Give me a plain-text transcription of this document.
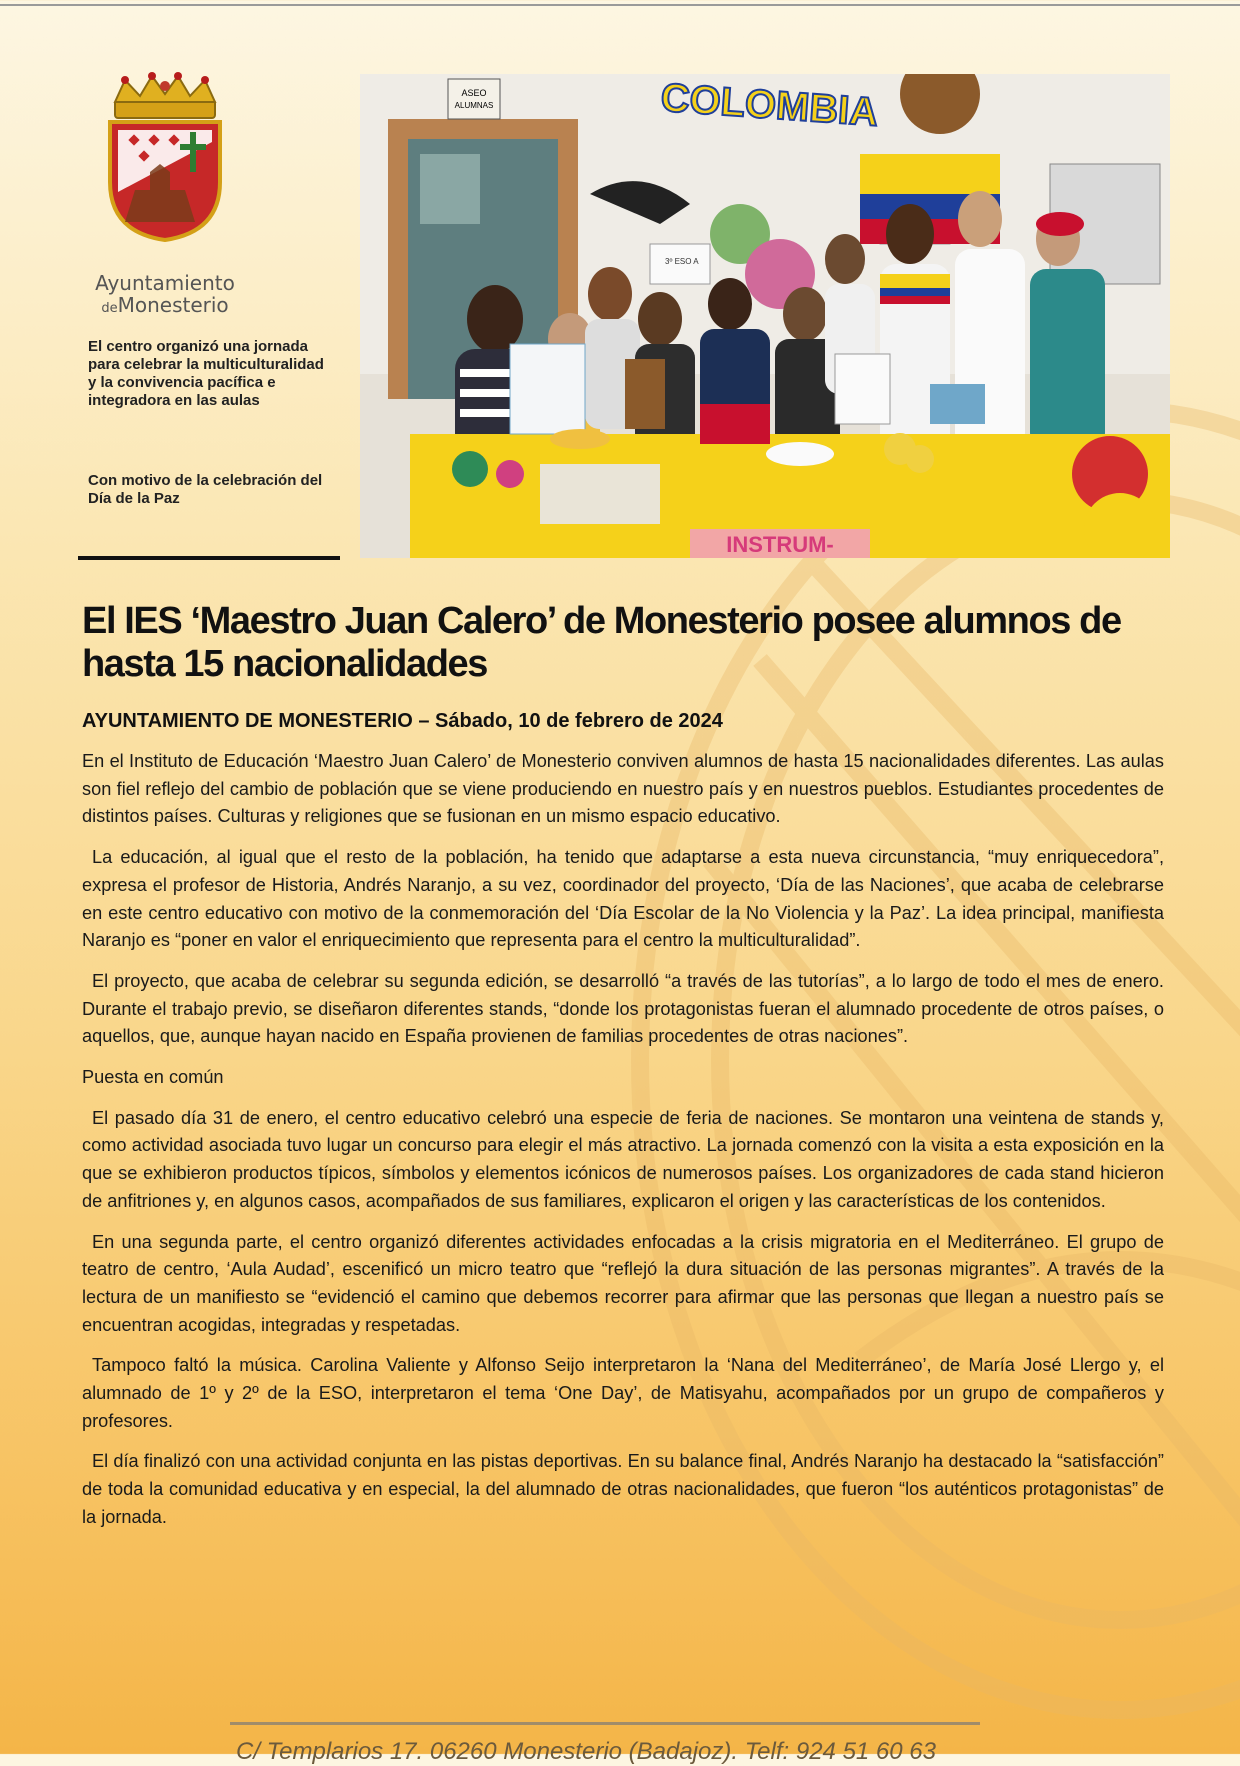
Ayuntamiento
deMonesterio
El centro organizó una jornada para celebrar la multiculturalidad y la convivencia pacífica e integradora en las aulas
Con motivo de la celebración del Día de la Paz
ASEO
ALUMNAS	COLOMBIA
INSTRUM-
3º ESO A
El IES ‘Maestro Juan Calero’ de Monesterio posee alumnos de hasta 15 nacionalidades

AYUNTAMIENTO DE MONESTERIO – Sábado, 10 de febrero de 2024

En el Instituto de Educación ‘Maestro Juan Calero’ de Monesterio conviven alumnos de hasta 15 nacionalidades diferentes. Las aulas son fiel reflejo del cambio de población que se viene produciendo en nuestro país y en nuestros pueblos. Estudiantes procedentes de distintos países. Culturas y religiones que se fusionan en un mismo espacio educativo.

La educación, al igual que el resto de la población, ha tenido que adaptarse a esta nueva circunstancia, “muy enriquecedora”, expresa el profesor de Historia, Andrés Naranjo, a su vez, coordinador del proyecto, ‘Día de las Naciones’, que acaba de celebrarse en este centro educativo con motivo de la conmemoración del ‘Día Escolar de la No Violencia y la Paz’. La idea principal, manifiesta Naranjo es “poner en valor el enriquecimiento que representa para el centro la multiculturalidad”.

El proyecto, que acaba de celebrar su segunda edición, se desarrolló “a través de las tutorías”, a lo largo de todo el mes de enero. Durante el trabajo previo, se diseñaron diferentes stands, “donde los protagonistas fueran el alumnado procedente de otros países, o aquellos, que, aunque hayan nacido en España provienen de familias procedentes de otras naciones”.

Puesta en común

El pasado día 31 de enero, el centro educativo celebró una especie de feria de naciones. Se montaron una veintena de stands y, como actividad asociada tuvo lugar un concurso para elegir el más atractivo. La jornada comenzó con la visita a esta exposición en la que se exhibieron productos típicos, símbolos y elementos icónicos de numerosos países. Los organizadores de cada stand hicieron de anfitriones y, en algunos casos, acompañados de sus familiares, explicaron el origen y las características de los contenidos.

En una segunda parte, el centro organizó diferentes actividades enfocadas a la crisis migratoria en el Mediterráneo. El grupo de teatro de centro, ‘Aula Audad’, escenificó un micro teatro que “reflejó la dura situación de las personas migrantes”. A través de la lectura de un manifiesto se “evidenció el camino que debemos recorrer para afirmar que las personas que llegan a nuestro país se encuentran acogidas, integradas y respetadas.

Tampoco faltó la música. Carolina Valiente y Alfonso Seijo interpretaron la ‘Nana del Mediterráneo’, de María José Llergo y, el alumnado de 1º y 2º de la ESO, interpretaron el tema ‘One Day’, de Matisyahu, acompañados por un grupo de compañeros y profesores.

El día finalizó con una actividad conjunta en las pistas deportivas. En su balance final, Andrés Naranjo ha destacado la “satisfacción” de toda la comunidad educativa y en especial, la del alumnado de otras nacionalidades, que fueron “los auténticos protagonistas” de la jornada.

C/ Templarios 17. 06260 Monesterio (Badajoz). Telf: 924 51 60 63
